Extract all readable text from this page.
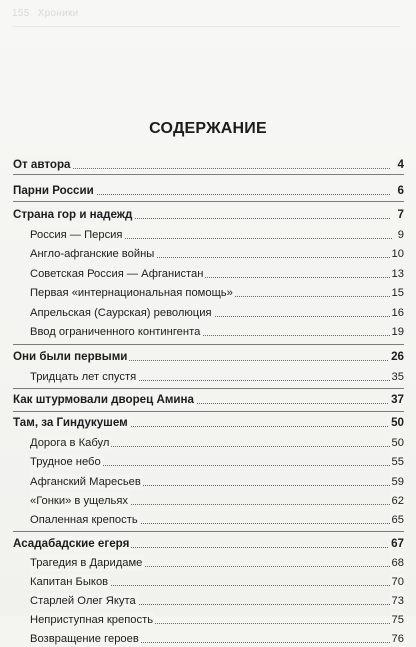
155 Хроники
СОДЕРЖАНИЕ
От автора	4
Парни России	6
Страна гор и надежд	7
Россия — Персия	9
Англо-афганские войны	10
Советская Россия — Афганистан	13
Первая «интернациональная помощь»	15
Апрельская (Саурская) революция	16
Ввод ограниченного контингента	19
Они были первыми	26
Тридцать лет спустя	35
Как штурмовали дворец Амина	37
Там, за Гиндукушем	50
Дорога в Кабул	50
Трудное небо	55
Афганский Маресьев	59
«Гонки» в ущельях	62
Опаленная крепость	65
Асадабадские егеря	67
Трагедия в Даридаме	68
Капитан Быков	70
Старлей Олег Якута	73
Неприступная крепость	75
Возвращение героев	76
